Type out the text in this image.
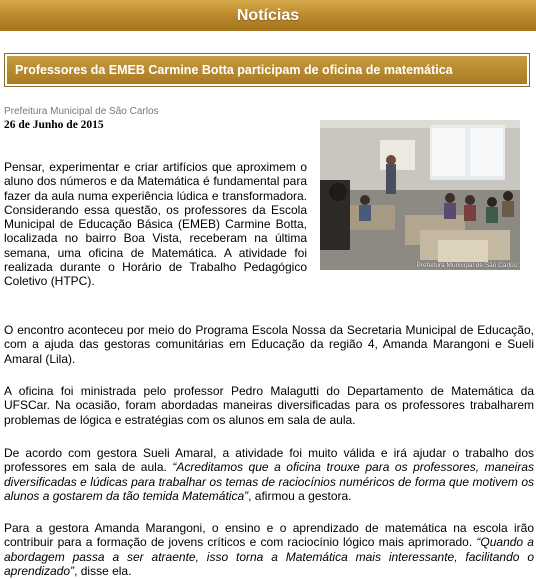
Notícias
Professores da EMEB Carmine Botta participam de oficina de matemática
Prefeitura Municipal de São Carlos
26 de Junho de 2015
Prefeitura Municipal de São Carlos
Pensar, experimentar e criar artifícios que aproximem o aluno dos números e da Matemática é fundamental para fazer da aula numa experiência lúdica e transformadora. Considerando essa questão, os professores da Escola Municipal de Educação Básica (EMEB) Carmine Botta, localizada no bairro Boa Vista, receberam na última semana, uma oficina de Matemática. A atividade foi realizada durante o Horário de Trabalho Pedagógico Coletivo (HTPC).
O encontro aconteceu por meio do Programa Escola Nossa da Secretaria Municipal de Educação, com a ajuda das gestoras comunitárias em Educação da região 4, Amanda Marangoni e Sueli Amaral (Lila).
A oficina foi ministrada pelo professor Pedro Malagutti do Departamento de Matemática da UFSCar. Na ocasião, foram abordadas maneiras diversificadas para os professores trabalharem problemas de lógica e estratégias com os alunos em sala de aula.
De acordo com gestora Sueli Amaral, a atividade foi muito válida e irá ajudar o trabalho dos professores em sala de aula. “Acreditamos que a oficina trouxe para os professores, maneiras diversificadas e lúdicas para trabalhar os temas de raciocínios numéricos de forma que motivem os alunos a gostarem da tão temida Matemática”, afirmou a gestora.
Para a gestora Amanda Marangoni, o ensino e o aprendizado de matemática na escola irão contribuir para a formação de jovens críticos e com raciocínio lógico mais aprimorado. “Quando a abordagem passa a ser atraente, isso torna a Matemática mais interessante, facilitando o aprendizado”, disse ela.
